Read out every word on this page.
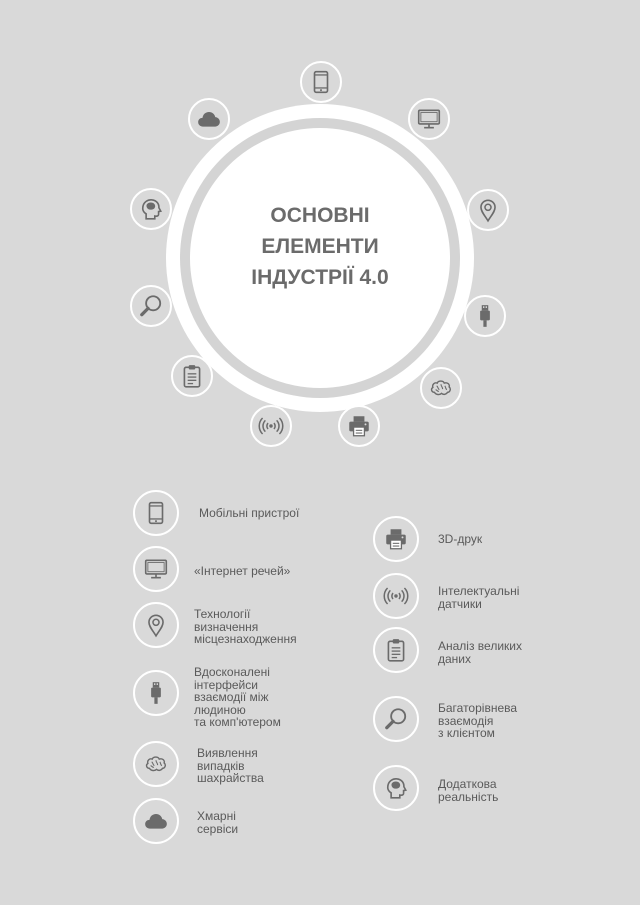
ОСНОВНІ
ЕЛЕМЕНТИ
ІНДУСТРІЇ 4.0
Мобільні пристрої
«Інтернет речей»
Технології
визначення
місцезнаходження
Вдосконалені
інтерфейси
взаємодії між
людиною
та комп'ютером
Виявлення
випадків
шахрайства
Хмарні
сервіси
3D-друк
Інтелектуальні
датчики
Аналіз великих
даних
Багаторівнева
взаємодія
з клієнтом
Додаткова
реальність
